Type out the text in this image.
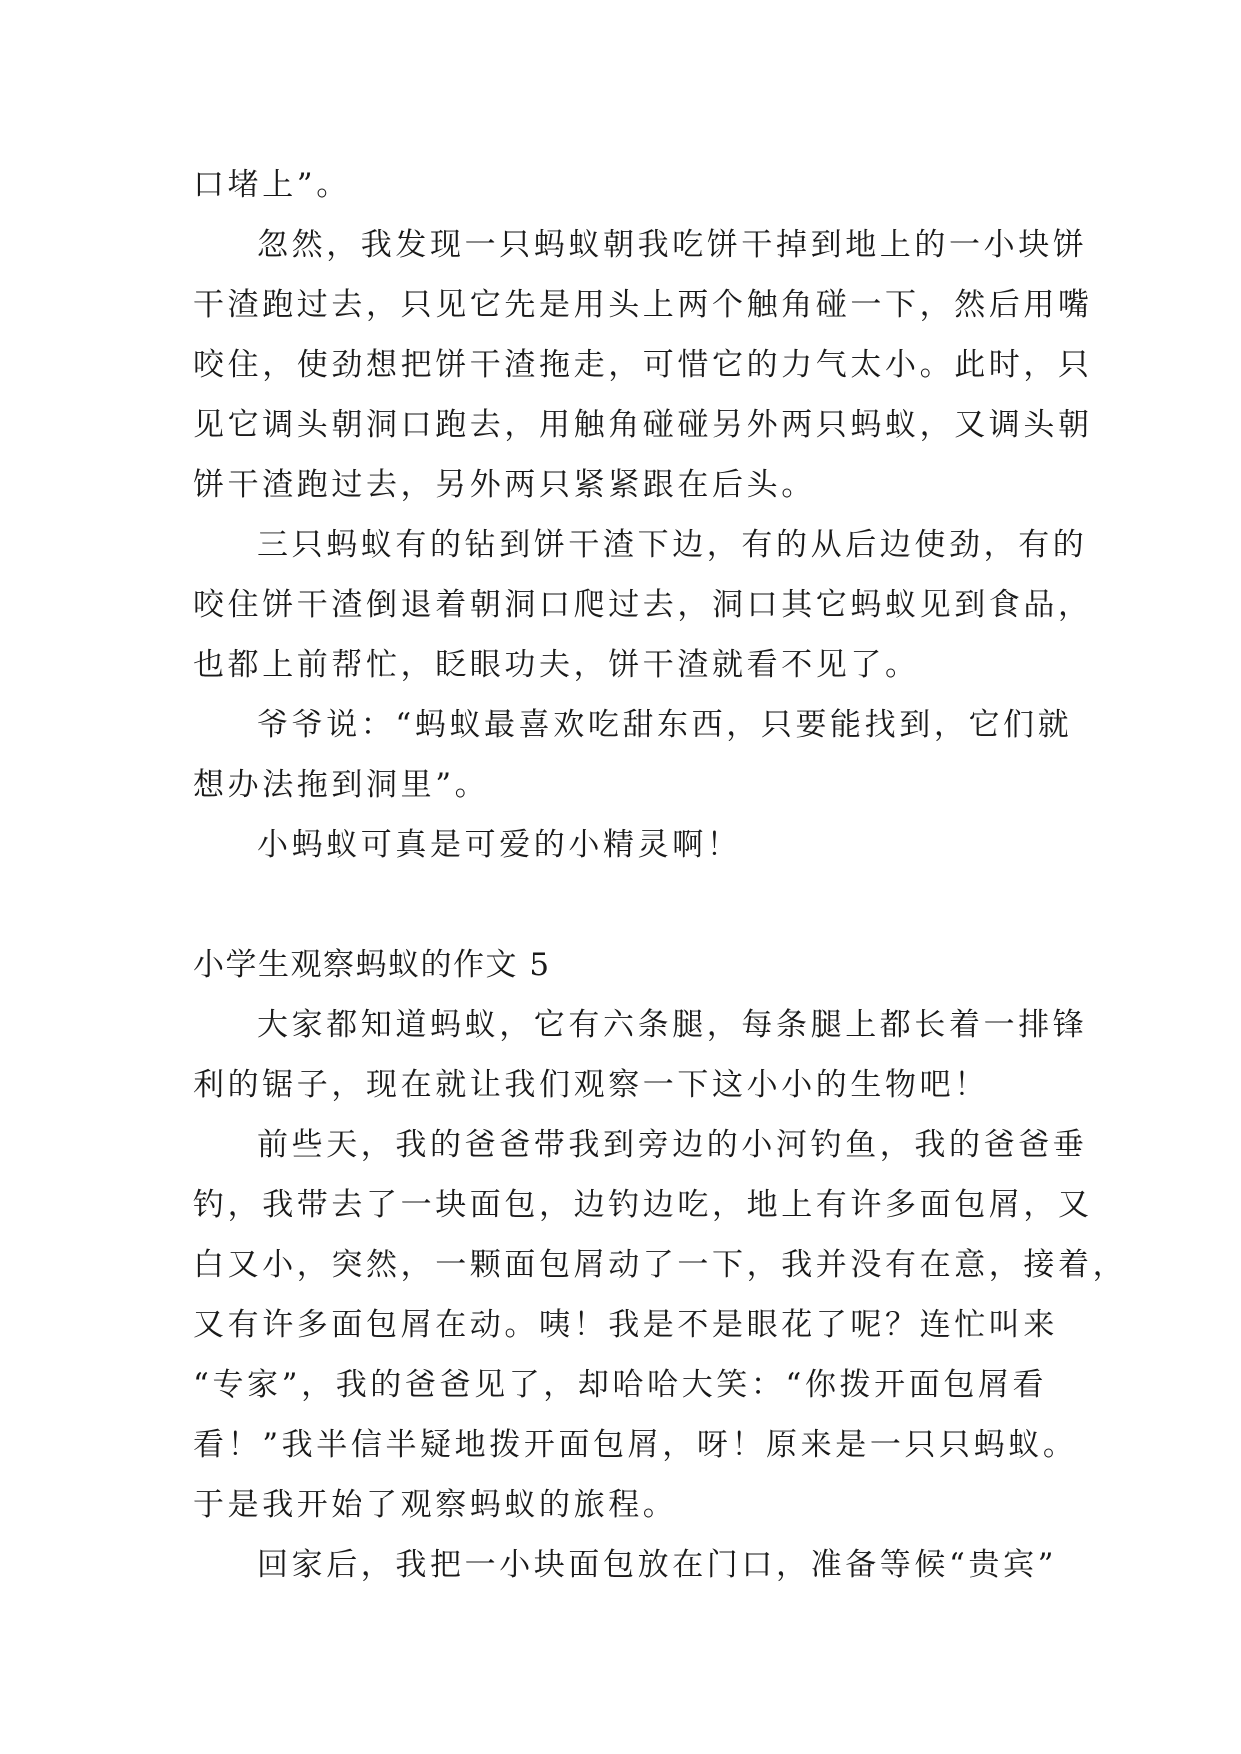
口堵上”。
忽然，我发现一只蚂蚁朝我吃饼干掉到地上的一小块饼
干渣跑过去，只见它先是用头上两个触角碰一下，然后用嘴
咬住，使劲想把饼干渣拖走，可惜它的力气太小。此时，只
见它调头朝洞口跑去，用触角碰碰另外两只蚂蚁，又调头朝
饼干渣跑过去，另外两只紧紧跟在后头。
三只蚂蚁有的钻到饼干渣下边，有的从后边使劲，有的
咬住饼干渣倒退着朝洞口爬过去，洞口其它蚂蚁见到食品，
也都上前帮忙，眨眼功夫，饼干渣就看不见了。
爷爷说：“蚂蚁最喜欢吃甜东西，只要能找到，它们就
想办法拖到洞里”。
小蚂蚁可真是可爱的小精灵啊！
小学生观察蚂蚁的作文 5
大家都知道蚂蚁，它有六条腿，每条腿上都长着一排锋
利的锯子，现在就让我们观察一下这小小的生物吧！
前些天，我的爸爸带我到旁边的小河钓鱼，我的爸爸垂
钓，我带去了一块面包，边钓边吃，地上有许多面包屑，又
白又小，突然，一颗面包屑动了一下，我并没有在意，接着，
又有许多面包屑在动。咦！我是不是眼花了呢？连忙叫来
“专家”，我的爸爸见了，却哈哈大笑：“你拨开面包屑看
看！”我半信半疑地拨开面包屑，呀！原来是一只只蚂蚁。
于是我开始了观察蚂蚁的旅程。
回家后，我把一小块面包放在门口，准备等候“贵宾”
